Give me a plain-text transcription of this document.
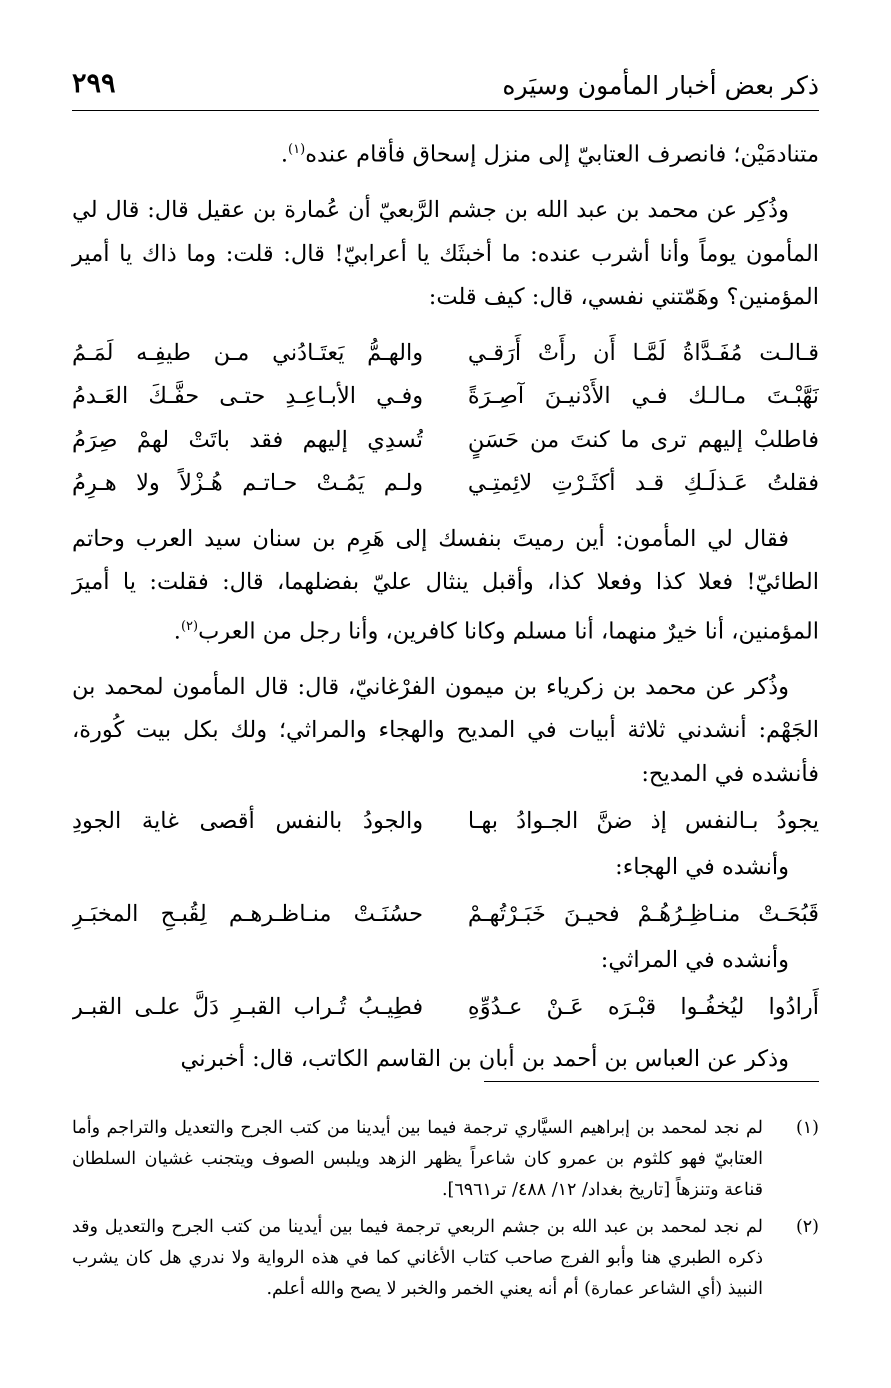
ذكر بعض أخبار المأمون وسيَره
٢٩٩

متنادمَيْن؛ فانصرف العتابيّ إلى منزل إسحاق فأقام عنده$^{(١)}$.

وذُكِر عن محمد بن عبد الله بن جشم الرَّبعيّ أن عُمارة بن عقيل قال: قال لي المأمون يوماً وأنا أشرب عنده: ما أخبثَك يا أعرابيّ! قال: قلت: وما ذاك يا أمير المؤمنين؟ وهَمّتني نفسي، قال: كيف قلت:

قـالـت مُفَـدَّاةُ لَمَّـا أَن رأَتْ أَرَقـي
والهـمُّ يَعتَـادُني مـن طيفِـه لَمَـمُ
نَهَّبْـتَ مـالـك فـي الأَدْنيـنَ آصِـرَةً
وفـي الأبـاعِـدِ حتـى حفَّـكَ العَـدمُ
فاطلبْ إليهم ترى ما كنتَ من حَسَنٍ
تُسدِي إليهم فقد باتَتْ لهمْ صِرَمُ
فقلتُ عَـذلَـكِ قـد أكثَـرْتِ لائِمتِـي
ولـم يَمُـتْ حـاتـم هُـزْلاً ولا هـرِمُ

فقال لي المأمون: أين رميتَ بنفسك إلى هَرِم بن سنان سيد العرب وحاتم الطائيّ! فعلا كذا وفعلا كذا، وأقبل ينثال عليّ بفضلهما، قال: فقلت: يا أميرَ المؤمنين، أنا خيرٌ منهما، أنا مسلم وكانا كافرين، وأنا رجل من العرب$^{(٢)}$.

وذُكر عن محمد بن زكرياء بن ميمون الفرْغانيّ، قال: قال المأمون لمحمد بن الجَهْم: أنشدني ثلاثة أبيات في المديح والهجاء والمراثي؛ ولك بكل بيت كُورة، فأنشده في المديح:

يجودُ بـالنفس إذ ضنَّ الجـوادُ بهـا
والجودُ بالنفس أقصى غاية الجودِ
وأنشده في الهجاء:
قَبُحَـتْ منـاظِـرُهُـمْ فحيـنَ خَبَـرْتُهـمْ
حسُنَـتْ منـاظـرهـم لِقُبـحِ المخبَـرِ
وأنشده في المراثي:
أَرادُوا ليُخفُـوا قبْـرَه عَـنْ عـدُوِّهِ
فطِيـبُ تُـراب القبـرِ دَلَّ علـى القبـر

وذكر عن العباس بن أحمد بن أبان بن القاسم الكاتب، قال: أخبرني

(١)
لم نجد لمحمد بن إبراهيم السيَّاري ترجمة فيما بين أيدينا من كتب الجرح والتعديل والتراجم وأما العتابيّ فهو كلثوم بن عمرو كان شاعراً يظهر الزهد ويلبس الصوف ويتجنب غشيان السلطان قناعة وتنزهاً [تاريخ بغداد/ ١٢/ ٤٨٨/ تر٦٩٦١].
(٢)
لم نجد لمحمد بن عبد الله بن جشم الربعي ترجمة فيما بين أيدينا من كتب الجرح والتعديل وقد ذكره الطبري هنا وأبو الفرج صاحب كتاب الأغاني كما في هذه الرواية ولا ندري هل كان يشرب النبيذ (أي الشاعر عمارة) أم أنه يعني الخمر والخبر لا يصح والله أعلم.
